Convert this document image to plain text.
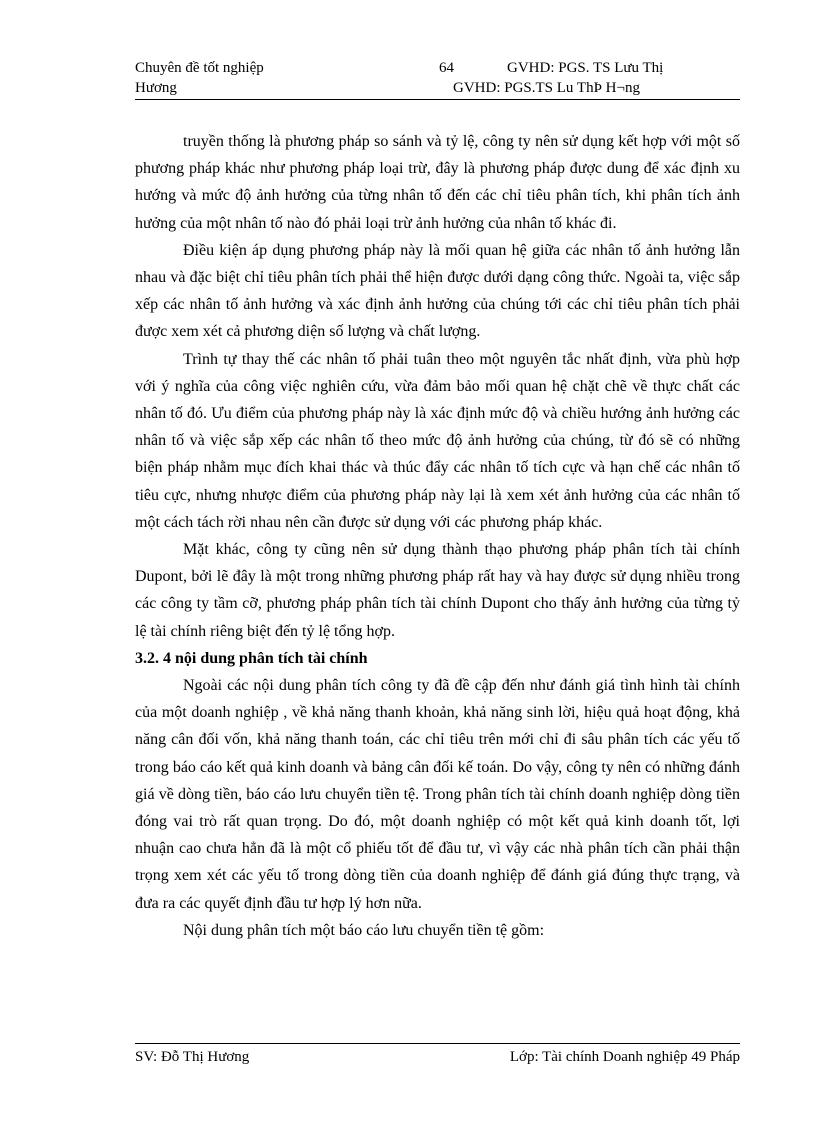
Chuyên đề tốt nghiệp	64	GVHD: PGS. TS Lưu Thị
Hương	GVHD: PGS.TS Lu ThÞ H¬ng

truyền thống là phương pháp so sánh và tỷ lệ, công ty nên sử dụng kết hợp với một số phương pháp khác như phương pháp loại trừ, đây là phương pháp được dung để xác định xu hướng và mức độ ảnh hưởng của từng nhân tố đến các chỉ tiêu phân tích, khi phân tích ảnh hưởng của một nhân tố nào đó phải loại trừ ảnh hưởng của nhân tố khác đi.

Điều kiện áp dụng phương pháp này là mối quan hệ giữa các nhân tố ảnh hưởng lẫn nhau và đặc biệt chỉ tiêu phân tích phải thể hiện được dưới dạng công thức. Ngoài ta, việc sắp xếp các nhân tố ảnh hưởng và xác định ảnh hưởng của chúng tới các chỉ tiêu phân tích phải được xem xét cả phương diện số lượng và chất lượng.

Trình tự thay thế các nhân tố phải tuân theo một nguyên tắc nhất định, vừa phù hợp với ý nghĩa của công việc nghiên cứu, vừa đảm bảo mối quan hệ chặt chẽ về thực chất các nhân tố đó. Ưu điểm của phương pháp này là xác định mức độ và chiều hướng ảnh hưởng các nhân tố và việc sắp xếp các nhân tố theo mức độ ảnh hưởng của chúng, từ đó sẽ có những biện pháp nhằm mục đích khai thác và thúc đẩy các nhân tố tích cực và hạn chế các nhân tố tiêu cực, nhưng nhược điểm của phương pháp này lại là xem xét ảnh hưởng của các nhân tố một cách tách rời nhau nên cần được sử dụng với các phương pháp khác.

Mặt khác, công ty cũng nên sử dụng thành thạo phương pháp phân tích tài chính Dupont, bởi lẽ đây là một trong những phương pháp rất hay và hay được sử dụng nhiều trong các công ty tầm cỡ, phương pháp phân tích tài chính Dupont cho thấy ảnh hưởng của từng tỷ lệ tài chính riêng biệt đến tỷ lệ tổng hợp.

3.2. 4 nội dung phân tích tài chính

Ngoài các nội dung phân tích công ty đã đề cập đến như đánh giá tình hình tài chính của một doanh nghiệp , về khả năng thanh khoản, khả năng sinh lời, hiệu quả hoạt động, khả năng cân đối vốn, khả năng thanh toán, các chỉ tiêu trên mới chỉ đi sâu phân tích các yếu tố trong báo cáo kết quả kinh doanh và bảng cân đối kế toán. Do vậy, công ty nên có những đánh giá về dòng tiền, báo cáo lưu chuyển tiền tệ. Trong phân tích tài chính doanh nghiệp dòng tiền đóng vai trò rất quan trọng. Do đó, một doanh nghiệp có một kết quả kinh doanh tốt, lợi nhuận cao chưa hẳn đã là một cổ phiếu tốt để đầu tư, vì vậy các nhà phân tích cần phải thận trọng xem xét các yếu tố trong dòng tiền của doanh nghiệp để đánh giá đúng thực trạng, và đưa ra các quyết định đầu tư hợp lý hơn nữa.

Nội dung phân tích một báo cáo lưu chuyển tiền tệ gồm:

SV: Đỗ Thị Hương	Lớp: Tài chính Doanh nghiệp 49 Pháp
